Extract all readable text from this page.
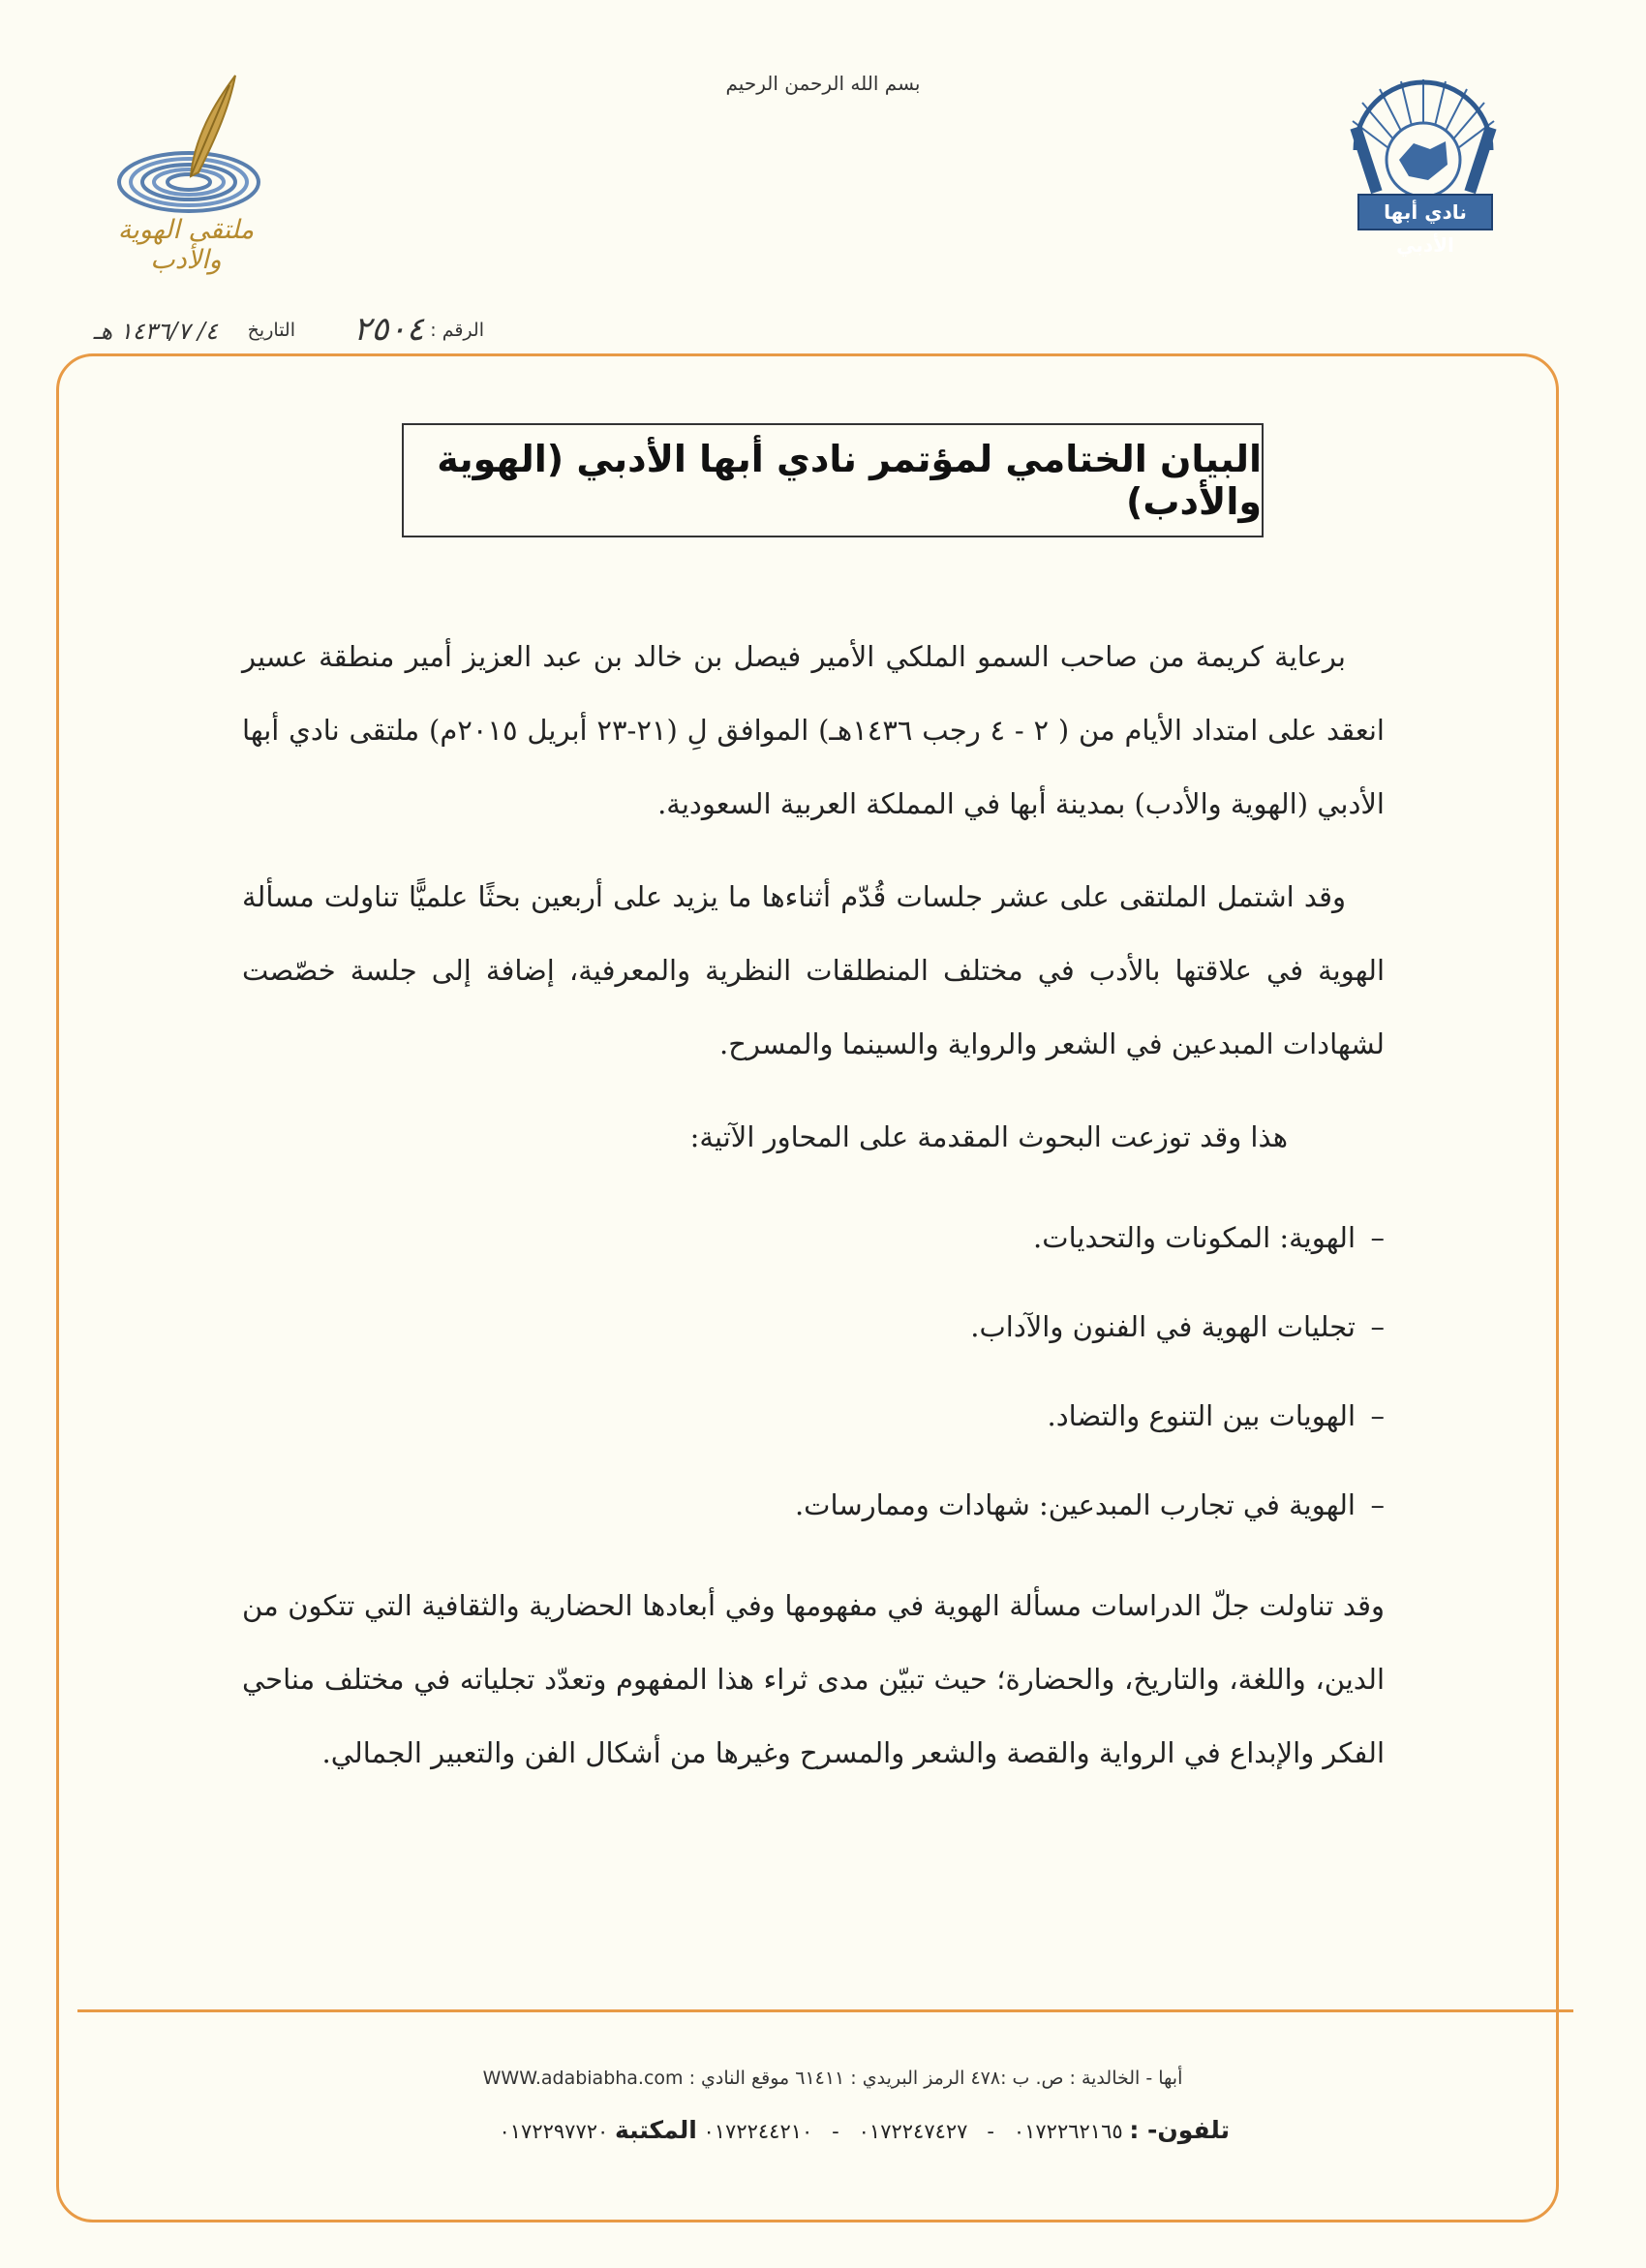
بسم الله الرحمن الرحيم
ملتقى الهوية والأدب
نادي أبها الأدبي
الرقم :
٢٥٠٤
التاريخ
٤/ ١٤٣٦/٧ هـ
البيان الختامي لمؤتمر نادي أبها الأدبي (الهوية والأدب)

برعاية كريمة من صاحب السمو الملكي الأمير فيصل بن خالد بن عبد العزيز أمير منطقة عسير انعقد على امتداد الأيام من ( ٢ - ٤ رجب ١٤٣٦هـ) الموافق لِ (٢١-٢٣ أبريل ٢٠١٥م) ملتقى نادي أبها الأدبي (الهوية والأدب) بمدينة أبها في المملكة العربية السعودية.

وقد اشتمل الملتقى على عشر جلسات قُدّم أثناءها ما يزيد على أربعين بحثًا علميًّا تناولت مسألة الهوية في علاقتها بالأدب في مختلف المنطلقات النظرية والمعرفية، إضافة إلى جلسة خصّصت لشهادات المبدعين في الشعر والرواية والسينما والمسرح.

هذا وقد توزعت البحوث المقدمة على المحاور الآتية:

– الهوية: المكونات والتحديات.
– تجليات الهوية في الفنون والآداب.
– الهويات بين التنوع والتضاد.
– الهوية في تجارب المبدعين: شهادات وممارسات.

وقد تناولت جلّ الدراسات مسألة الهوية في مفهومها وفي أبعادها الحضارية والثقافية التي تتكون من الدين، واللغة، والتاريخ، والحضارة؛ حيث تبيّن مدى ثراء هذا المفهوم وتعدّد تجلياته في مختلف مناحي الفكر والإبداع في الرواية والقصة والشعر والمسرح وغيرها من أشكال الفن والتعبير الجمالي.

أبها - الخالدية : ص. ب :٤٧٨ الرمز البريدي : ٦١٤١١ موقع النادي : WWW.adabiabha.com
تلفون- : ٠١٧٢٢٦٢١٦٥ - ٠١٧٢٢٤٧٤٢٧ - ٠١٧٢٢٤٤٢١٠ المكتبة ٠١٧٢٢٩٧٧٢٠
